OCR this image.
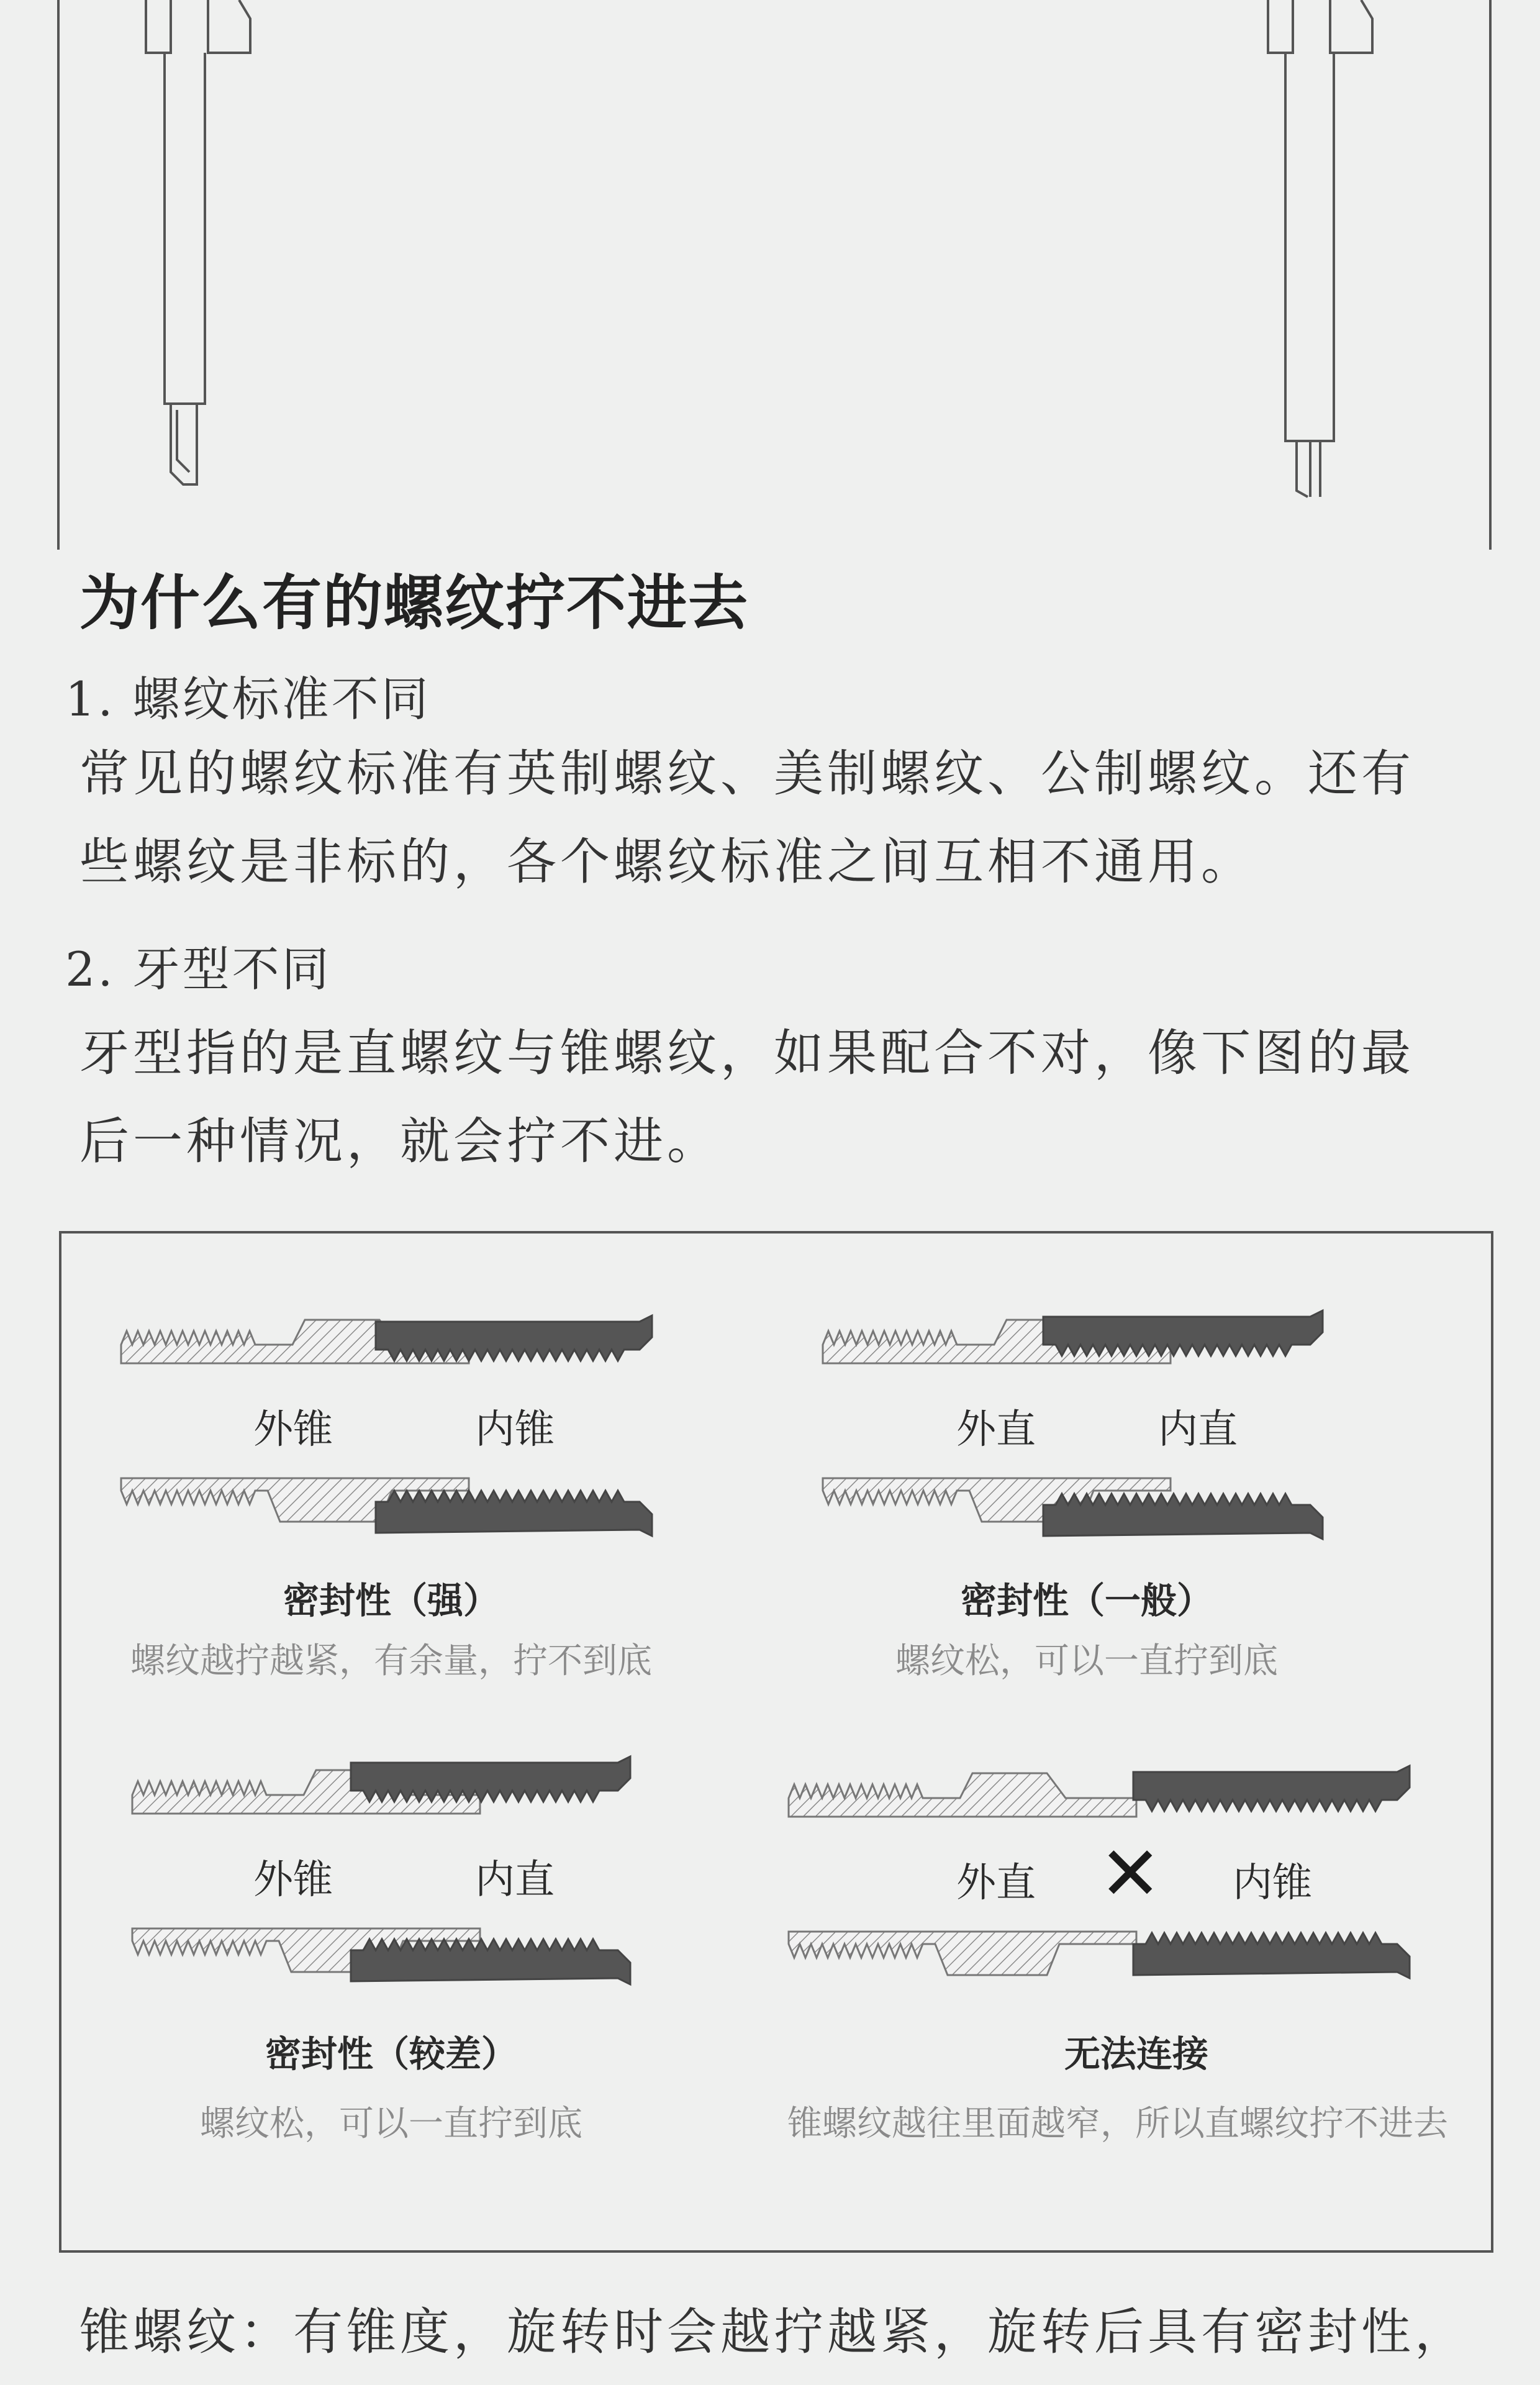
为什么有的螺纹拧不进去
1. 螺纹标准不同
常见的螺纹标准有英制螺纹、美制螺纹、公制螺纹。还有
些螺纹是非标的，各个螺纹标准之间互相不通用。
2. 牙型不同
牙型指的是直螺纹与锥螺纹，如果配合不对，像下图的最
后一种情况，就会拧不进。
外锥	内锥
密封性（强）
螺纹越拧越紧，有余量，拧不到底
外直	内直
密封性（一般）
螺纹松，可以一直拧到底
外锥	内直
密封性（较差）
螺纹松，可以一直拧到底
外直 ✕ 内锥
无法连接
锥螺纹越往里面越窄，所以直螺纹拧不进去
锥螺纹：有锥度，旋转时会越拧越紧，旋转后具有密封性，
